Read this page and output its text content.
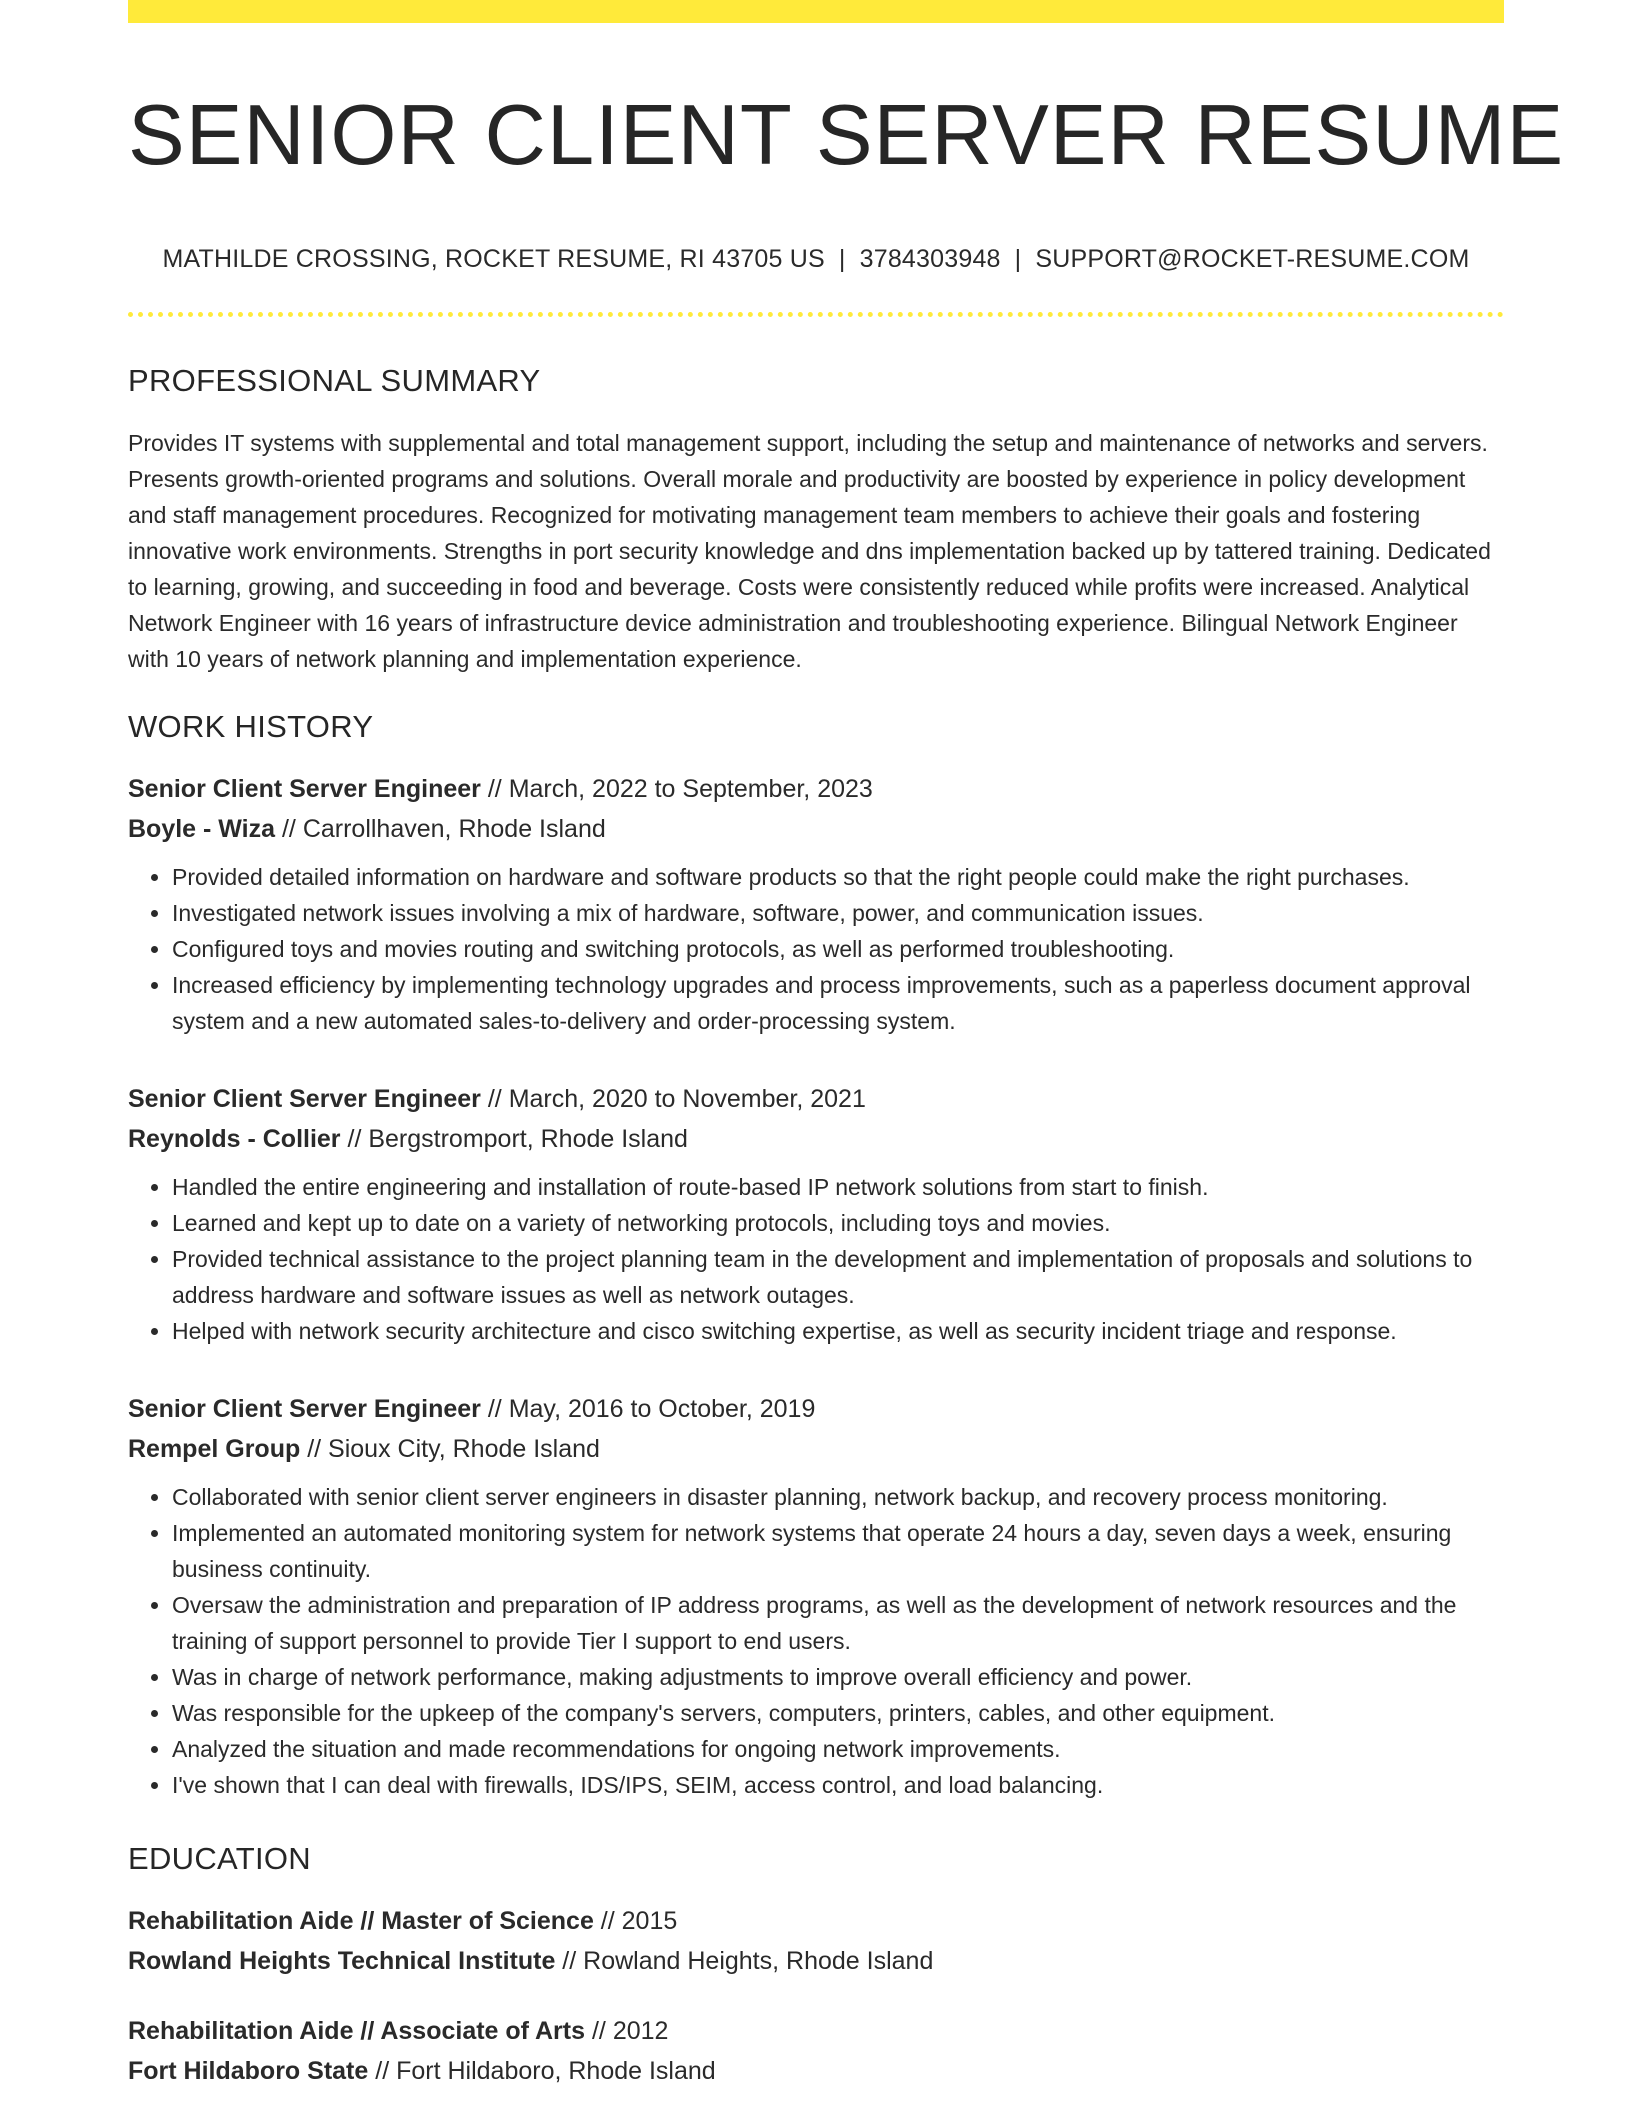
SENIOR CLIENT SERVER RESUME
MATHILDE CROSSING, ROCKET RESUME, RI 43705 US | 3784303948 | SUPPORT@ROCKET-RESUME.COM
PROFESSIONAL SUMMARY
Provides IT systems with supplemental and total management support, including the setup and maintenance of networks and servers. Presents growth-oriented programs and solutions. Overall morale and productivity are boosted by experience in policy development and staff management procedures. Recognized for motivating management team members to achieve their goals and fostering innovative work environments. Strengths in port security knowledge and dns implementation backed up by tattered training. Dedicated to learning, growing, and succeeding in food and beverage. Costs were consistently reduced while profits were increased. Analytical Network Engineer with 16 years of infrastructure device administration and troubleshooting experience. Bilingual Network Engineer with 10 years of network planning and implementation experience.
WORK HISTORY
Senior Client Server Engineer // March, 2022 to September, 2023
Boyle - Wiza // Carrollhaven, Rhode Island
• Provided detailed information on hardware and software products so that the right people could make the right purchases.
• Investigated network issues involving a mix of hardware, software, power, and communication issues.
• Configured toys and movies routing and switching protocols, as well as performed troubleshooting.
• Increased efficiency by implementing technology upgrades and process improvements, such as a paperless document approval system and a new automated sales-to-delivery and order-processing system.
Senior Client Server Engineer // March, 2020 to November, 2021
Reynolds - Collier // Bergstromport, Rhode Island
• Handled the entire engineering and installation of route-based IP network solutions from start to finish.
• Learned and kept up to date on a variety of networking protocols, including toys and movies.
• Provided technical assistance to the project planning team in the development and implementation of proposals and solutions to address hardware and software issues as well as network outages.
• Helped with network security architecture and cisco switching expertise, as well as security incident triage and response.
Senior Client Server Engineer // May, 2016 to October, 2019
Rempel Group // Sioux City, Rhode Island
• Collaborated with senior client server engineers in disaster planning, network backup, and recovery process monitoring.
• Implemented an automated monitoring system for network systems that operate 24 hours a day, seven days a week, ensuring business continuity.
• Oversaw the administration and preparation of IP address programs, as well as the development of network resources and the training of support personnel to provide Tier I support to end users.
• Was in charge of network performance, making adjustments to improve overall efficiency and power.
• Was responsible for the upkeep of the company's servers, computers, printers, cables, and other equipment.
• Analyzed the situation and made recommendations for ongoing network improvements.
• I've shown that I can deal with firewalls, IDS/IPS, SEIM, access control, and load balancing.
EDUCATION
Rehabilitation Aide // Master of Science // 2015
Rowland Heights Technical Institute // Rowland Heights, Rhode Island
Rehabilitation Aide // Associate of Arts // 2012
Fort Hildaboro State // Fort Hildaboro, Rhode Island
